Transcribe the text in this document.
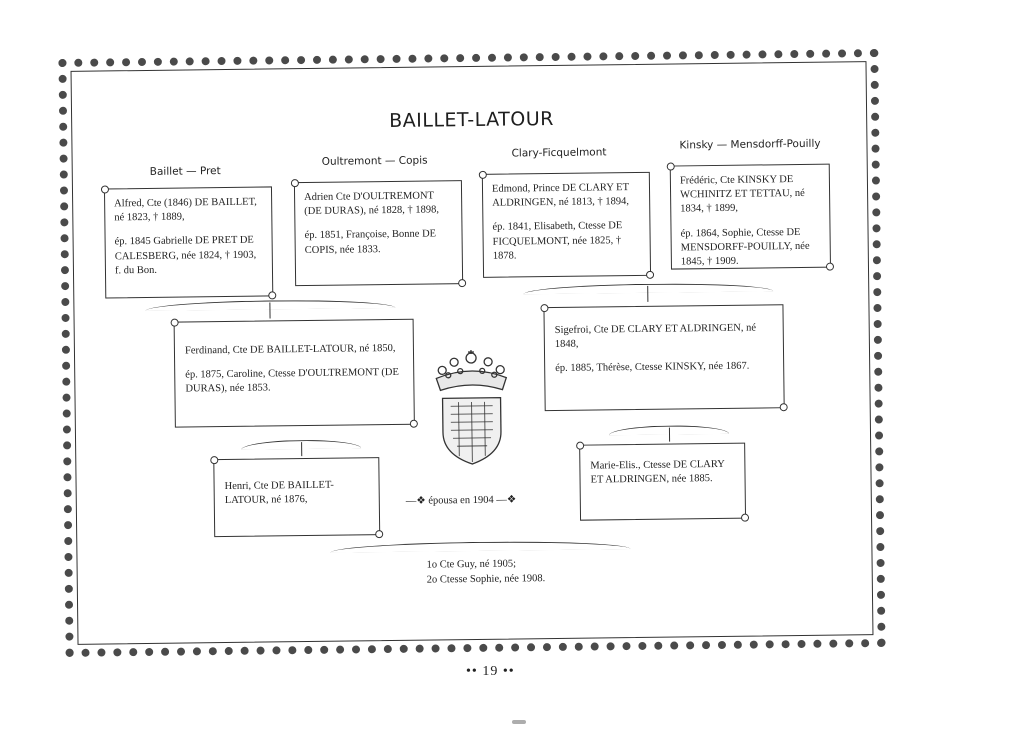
BAILLET-LATOUR
Baillet — Pret
Oultremont — Copis
Clary-Ficquelmont
Kinsky — Mensdorff-Pouilly

Alfred, Cte (1846) DE BAILLET, né 1823, † 1889,

ép. 1845 Gabrielle DE PRET DE CALESBERG, née 1824, † 1903, f. du Bon.

Adrien Cte D'OULTREMONT (DE DURAS), né 1828, † 1898,

ép. 1851, Françoise, Bonne DE COPIS, née 1833.

Edmond, Prince DE CLARY ET ALDRINGEN, né 1813, † 1894,

ép. 1841, Elisabeth, Ctesse DE FICQUELMONT, née 1825, † 1878.

Frédéric, Cte KINSKY DE WCHINITZ ET TETTAU, né 1834, † 1899,

ép. 1864, Sophie, Ctesse DE MENSDORFF-POUILLY, née 1845, † 1909.

Ferdinand, Cte DE BAILLET-LATOUR, né 1850,

ép. 1875, Caroline, Ctesse D'OULTREMONT (DE DURAS), née 1853.

Sigefroi, Cte DE CLARY ET ALDRINGEN, né 1848,

ép. 1885, Thérèse, Ctesse KINSKY, née 1867.

Henri, Cte DE BAILLET-LATOUR, né 1876,

Marie-Elis., Ctesse DE CLARY ET ALDRINGEN, née 1885.

—❖ épousa en 1904 —❖
1o Cte Guy, né 1905;
2o Ctesse Sophie, née 1908.
•• 19 ••
